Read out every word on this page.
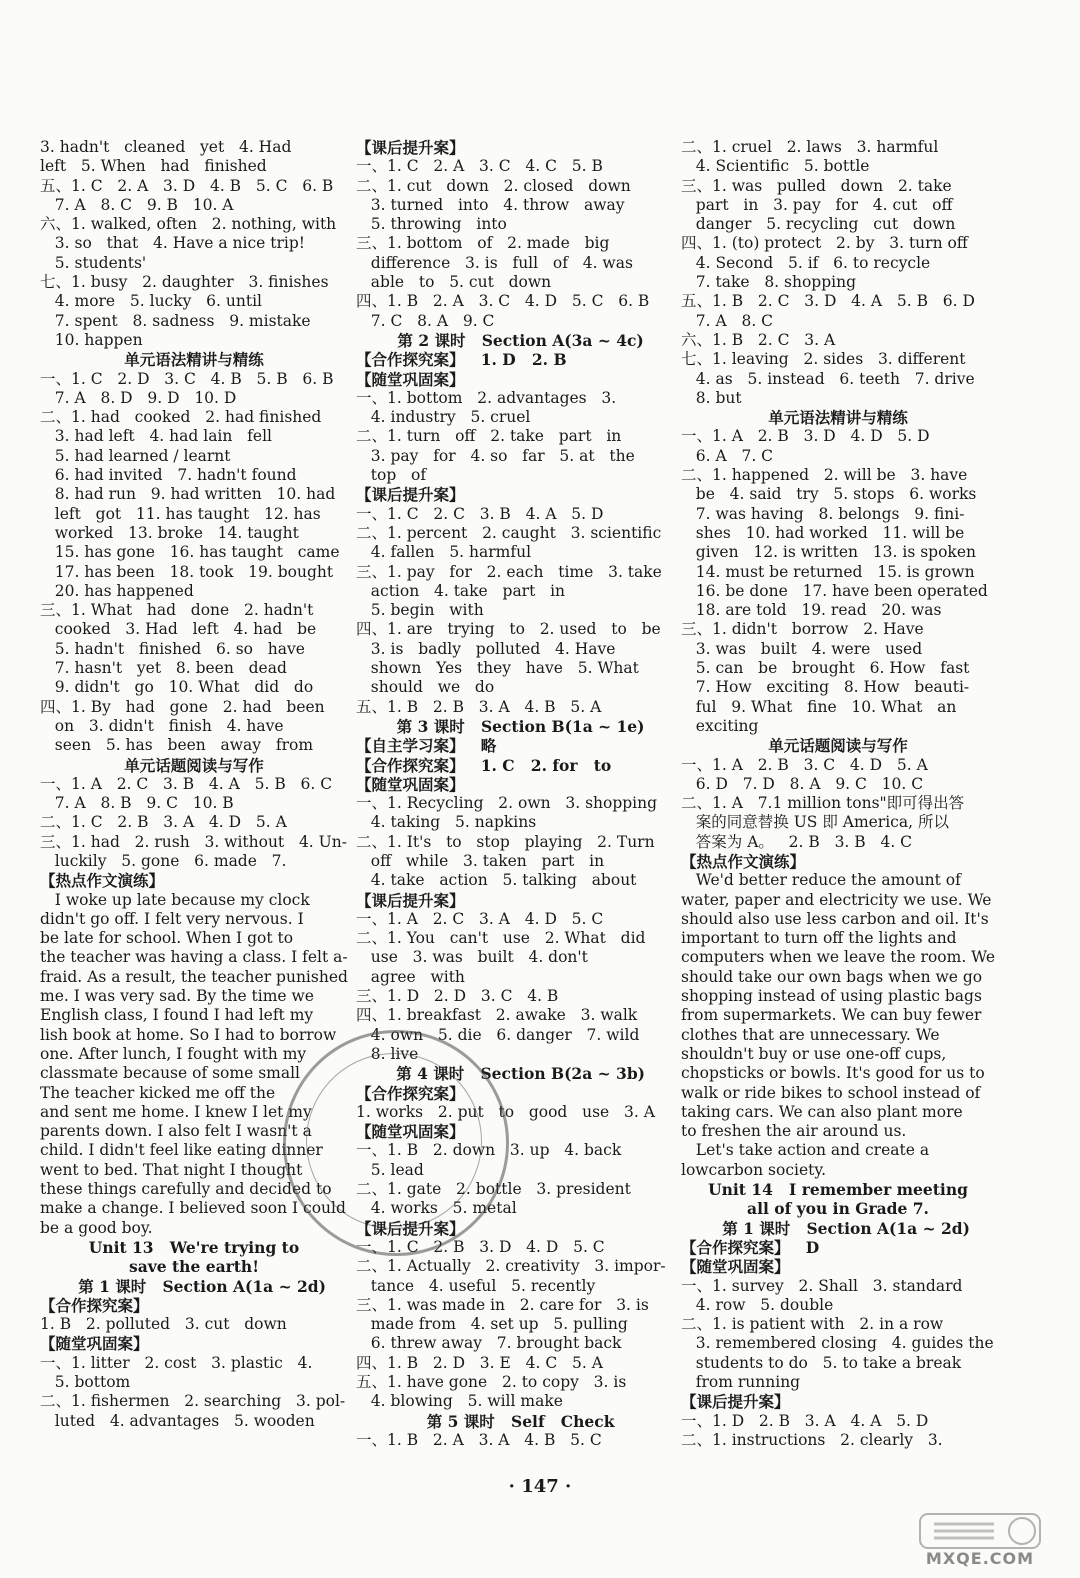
3. hadn't   cleaned   yet   4. Had
left   5. When   had   finished
五、1. C   2. A   3. D   4. B   5. C   6. B
7. A   8. C   9. B   10. A
六、1. walked, often   2. nothing, with
3. so   that   4. Have a nice trip!
5. students'
七、1. busy   2. daughter   3. finishes
4. more   5. lucky   6. until
7. spent   8. sadness   9. mistake
10. happen
单元语法精讲与精练
一、1. C   2. D   3. C   4. B   5. B   6. B
7. A   8. D   9. D   10. D
二、1. had   cooked   2. had finished
3. had left   4. had lain   fell
5. had learned / learnt
6. had invited   7. hadn't found
8. had run   9. had written   10. had
left   got   11. has taught   12. has
worked   13. broke   14. taught
15. has gone   16. has taught   came
17. has been   18. took   19. bought
20. has happened
三、1. What   had   done   2. hadn't
cooked   3. Had   left   4. had   be
5. hadn't   finished   6. so   have
7. hasn't   yet   8. been   dead
9. didn't   go   10. What   did   do
四、1. By   had   gone   2. had   been
on   3. didn't   finish   4. have
seen   5. has   been   away   from
单元话题阅读与写作
一、1. A   2. C   3. B   4. A   5. B   6. C
7. A   8. B   9. C   10. B
二、1. C   2. B   3. A   4. D   5. A
三、1. had   2. rush   3. without   4. Un-
luckily   5. gone   6. made   7.
【热点作文演练】
I woke up late because my clock
didn't go off. I felt very nervous. I
be late for school. When I got to
the teacher was having a class. I felt a-
fraid. As a result, the teacher punished
me. I was very sad. By the time we
English class, I found I had left my
lish book at home. So I had to borrow
one. After lunch, I fought with my
classmate because of some small
The teacher kicked me off the
and sent me home. I knew I let my
parents down. I also felt I wasn't a
child. I didn't feel like eating dinner
went to bed. That night I thought
these things carefully and decided to
make a change. I believed soon I could
be a good boy.
Unit 13   We're trying to
save the earth!
第 1 课时   Section A(1a ~ 2d)
【合作探究案】
1. B   2. polluted   3. cut   down
【随堂巩固案】
一、1. litter   2. cost   3. plastic   4.
5. bottom
二、1. fishermen   2. searching   3. pol-
luted   4. advantages   5. wooden
【课后提升案】
一、1. C   2. A   3. C   4. C   5. B
二、1. cut   down   2. closed   down
3. turned   into   4. throw   away
5. throwing   into
三、1. bottom   of   2. made   big
difference   3. is   full   of   4. was
able   to   5. cut   down
四、1. B   2. A   3. C   4. D   5. C   6. B
7. C   8. A   9. C
第 2 课时   Section A(3a ~ 4c)
【合作探究案】   1. D   2. B
【随堂巩固案】
一、1. bottom   2. advantages   3.
4. industry   5. cruel
二、1. turn   off   2. take   part   in
3. pay   for   4. so   far   5. at   the
top   of
【课后提升案】
一、1. C   2. C   3. B   4. A   5. D
二、1. percent   2. caught   3. scientific
4. fallen   5. harmful
三、1. pay   for   2. each   time   3. take
action   4. take   part   in
5. begin   with
四、1. are   trying   to   2. used   to   be
3. is   badly   polluted   4. Have
shown   Yes   they   have   5. What
should   we   do
五、1. B   2. B   3. A   4. B   5. A
第 3 课时   Section B(1a ~ 1e)
【自主学习案】   略
【合作探究案】   1. C   2. for   to
【随堂巩固案】
一、1. Recycling   2. own   3. shopping
4. taking   5. napkins
二、1. It's   to   stop   playing   2. Turn
off   while   3. taken   part   in
4. take   action   5. talking   about
【课后提升案】
一、1. A   2. C   3. A   4. D   5. C
二、1. You   can't   use   2. What   did
use   3. was   built   4. don't
agree   with
三、1. D   2. D   3. C   4. B
四、1. breakfast   2. awake   3. walk
4. own   5. die   6. danger   7. wild
8. live
第 4 课时   Section B(2a ~ 3b)
【合作探究案】
1. works   2. put   to   good   use   3. A
【随堂巩固案】
一、1. B   2. down   3. up   4. back
5. lead
二、1. gate   2. bottle   3. president
4. works   5. metal
【课后提升案】
一、1. C   2. B   3. D   4. D   5. C
二、1. Actually   2. creativity   3. impor-
tance   4. useful   5. recently
三、1. was made in   2. care for   3. is
made from   4. set up   5. pulling
6. threw away   7. brought back
四、1. B   2. D   3. E   4. C   5. A
五、1. have gone   2. to copy   3. is
4. blowing   5. will make
第 5 课时   Self   Check
一、1. B   2. A   3. A   4. B   5. C
二、1. cruel   2. laws   3. harmful
4. Scientific   5. bottle
三、1. was   pulled   down   2. take
part   in   3. pay   for   4. cut   off
danger   5. recycling   cut   down
四、1. (to) protect   2. by   3. turn off
4. Second   5. if   6. to recycle
7. take   8. shopping
五、1. B   2. C   3. D   4. A   5. B   6. D
7. A   8. C
六、1. B   2. C   3. A
七、1. leaving   2. sides   3. different
4. as   5. instead   6. teeth   7. drive
8. but
单元语法精讲与精练
一、1. A   2. B   3. D   4. D   5. D
6. A   7. C
二、1. happened   2. will be   3. have
be   4. said   try   5. stops   6. works
7. was having   8. belongs   9. fini-
shes   10. had worked   11. will be
given   12. is written   13. is spoken
14. must be returned   15. is grown
16. be done   17. have been operated
18. are told   19. read   20. was
三、1. didn't   borrow   2. Have
3. was   built   4. were   used
5. can   be   brought   6. How   fast
7. How   exciting   8. How   beauti-
ful   9. What   fine   10. What   an
exciting
单元话题阅读与写作
一、1. A   2. B   3. C   4. D   5. A
6. D   7. D   8. A   9. C   10. C
二、1. A   7.1 million tons"即可得出答
案的同意替换 US 即 America, 所以
答案为 A。   2. B   3. B   4. C
【热点作文演练】
We'd better reduce the amount of
water, paper and electricity we use. We
should also use less carbon and oil. It's
important to turn off the lights and
computers when we leave the room. We
should take our own bags when we go
shopping instead of using plastic bags
from supermarkets. We can buy fewer
clothes that are unnecessary. We
shouldn't buy or use one-off cups,
chopsticks or bowls. It's good for us to
walk or ride bikes to school instead of
taking cars. We can also plant more
to freshen the air around us.
Let's take action and create a
lowcarbon society.
Unit 14   I remember meeting
all of you in Grade 7.
第 1 课时   Section A(1a ~ 2d)
【合作探究案】   D
【随堂巩固案】
一、1. survey   2. Shall   3. standard
4. row   5. double
二、1. is patient with   2. in a row
3. remembered closing   4. guides the
students to do   5. to take a break
from running
【课后提升案】
一、1. D   2. B   3. A   4. A   5. D
二、1. instructions   2. clearly   3.
· 147 ·
MXQE.COM
